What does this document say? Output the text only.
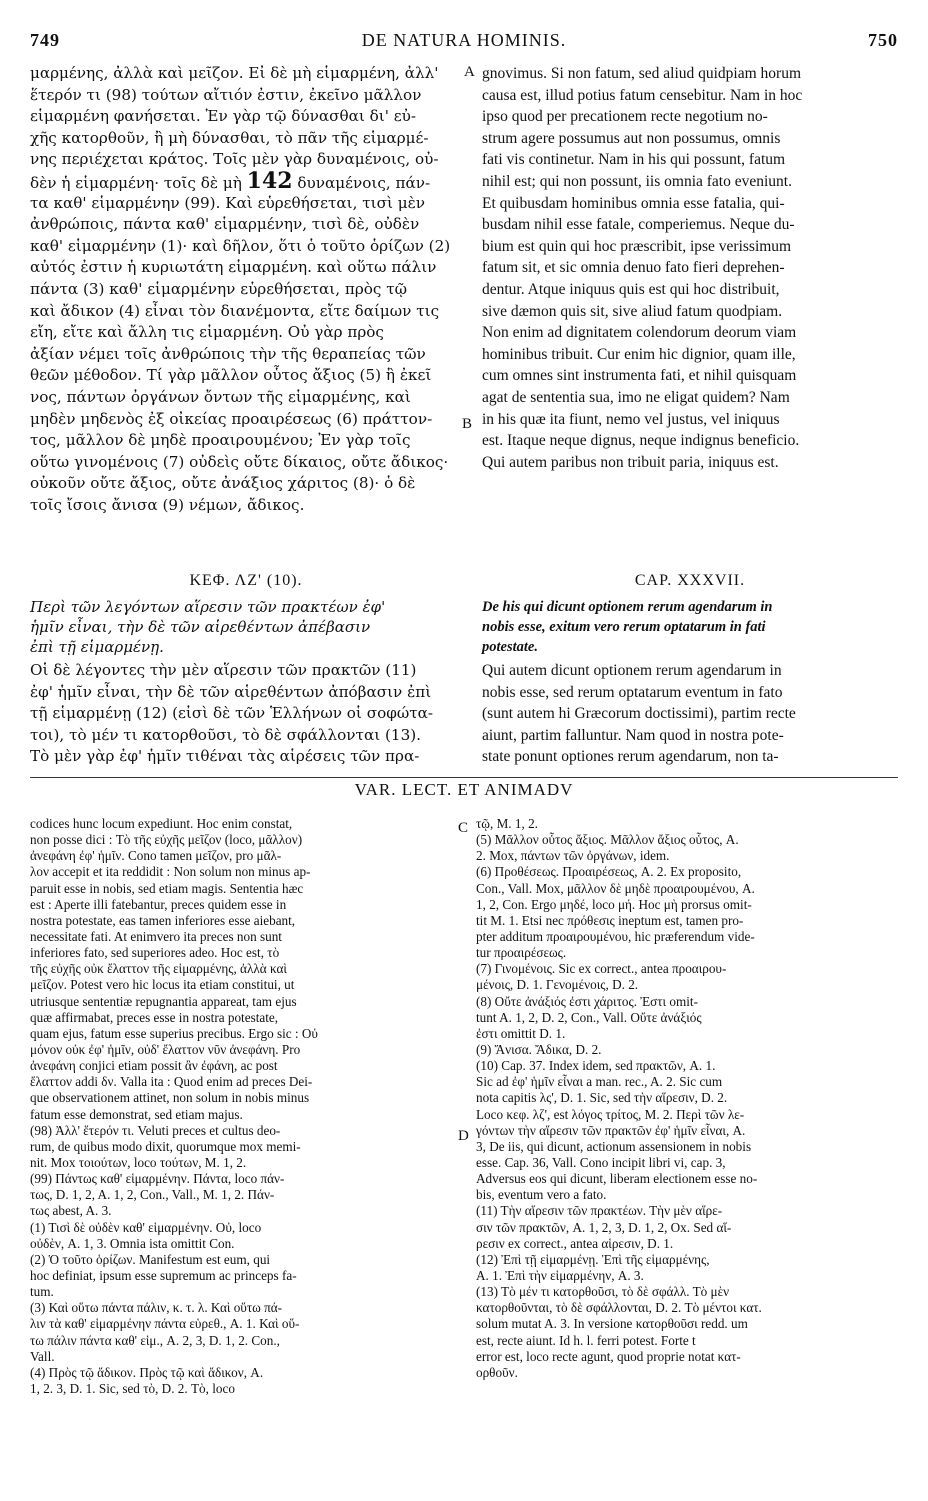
749	DE NATURA HOMINIS.	750
A
B
C
D
μαρμένης, ἀλλὰ καὶ μεῖζον. Εἰ δὲ μὴ εἱμαρμένη, ἀλλ'
ἕτερόν τι (98) τούτων αἴτιόν ἐστιν, ἐκεῖνο μᾶλλον
εἱμαρμένη φανήσεται. Ἐν γὰρ τῷ δύνασθαι δι' εὐ-
χῆς κατορθοῦν, ἢ μὴ δύνασθαι, τὸ πᾶν τῆς εἱμαρμέ-
νης περιέχεται κράτος. Τοῖς μὲν γὰρ δυναμένοις, οὐ-
δὲν ἡ εἱμαρμένη· τοῖς δὲ μὴ 142 δυναμένοις, πάν-
τα καθ' εἱμαρμένην (99). Καὶ εὑρεθήσεται, τισὶ μὲν
ἀνθρώποις, πάντα καθ' εἱμαρμένην, τισὶ δὲ, οὐδὲν
καθ' εἱμαρμένην (1)· καὶ δῆλον, ὅτι ὁ τοῦτο ὁρίζων (2)
αὐτός ἐστιν ἡ κυριωτάτη εἱμαρμένη. καὶ οὕτω πάλιν
πάντα (3) καθ' εἱμαρμένην εὑρεθήσεται, πρὸς τῷ
καὶ ἄδικον (4) εἶναι τὸν διανέμοντα, εἴτε δαίμων τις
εἴη, εἴτε καὶ ἄλλη τις εἱμαρμένη. Οὐ γὰρ πρὸς
ἀξίαν νέμει τοῖς ἀνθρώποις τὴν τῆς θεραπείας τῶν
θεῶν μέθοδον. Τί γὰρ μᾶλλον οὗτος ἄξιος (5) ἢ ἐκεῖ
νος, πάντων ὀργάνων ὄντων τῆς εἱμαρμένης, καὶ
μηδὲν μηδενὸς ἐξ οἰκείας προαιρέσεως (6) πράττον-
τος, μᾶλλον δὲ μηδὲ προαιρουμένου; Ἐν γὰρ τοῖς
οὕτω γινομένοις (7) οὐδεὶς οὔτε δίκαιος, οὔτε ἄδικος·
οὐκοῦν οὔτε ἄξιος, οὔτε ἀνάξιος χάριτος (8)· ὁ δὲ
τοῖς ἴσοις ἄνισα (9) νέμων, ἄδικος.
gnovimus. Si non fatum, sed aliud quidpiam horum
causa est, illud potius fatum censebitur. Nam in hoc
ipso quod per precationem recte negotium no-
strum agere possumus aut non possumus, omnis
fati vis continetur. Nam in his qui possunt, fatum
nihil est; qui non possunt, iis omnia fato eveniunt.
Et quibusdam hominibus omnia esse fatalia, qui-
busdam nihil esse fatale, comperiemus. Neque du-
bium est quin qui hoc præscribit, ipse verissimum
fatum sit, et sic omnia denuo fato fieri deprehen-
dentur. Atque iniquus quis est qui hoc distribuit,
sive dæmon quis sit, sive aliud fatum quodpiam.
Non enim ad dignitatem colendorum deorum viam
hominibus tribuit. Cur enim hic dignior, quam ille,
cum omnes sint instrumenta fati, et nihil quisquam
agat de sententia sua, imo ne eligat quidem? Nam
in his quæ ita fiunt, nemo vel justus, vel iniquus
est. Itaque neque dignus, neque indignus beneficio.
Qui autem paribus non tribuit paria, iniquus est.
ΚΕΦ. ΛΖ' (10).
Περὶ τῶν λεγόντων αἵρεσιν τῶν πρακτέων ἐφ'
ἡμῖν εἶναι, τὴν δὲ τῶν αἱρεθέντων ἀπέβασιν
ἐπὶ τῇ εἱμαρμένῃ.
CAP. XXXVII.
De his qui dicunt optionem rerum agendarum in
nobis esse, exitum vero rerum optatarum in fati
potestate.
Οἱ δὲ λέγοντες τὴν μὲν αἵρεσιν τῶν πρακτῶν (11)
ἐφ' ἡμῖν εἶναι, τὴν δὲ τῶν αἱρεθέντων ἀπόβασιν ἐπὶ
τῇ εἱμαρμένῃ (12) (εἰσὶ δὲ τῶν Ἑλλήνων οἱ σοφώτα-
τοι), τὸ μέν τι κατορθοῦσι, τὸ δὲ σφάλλονται (13).
Τὸ μὲν γὰρ ἐφ' ἡμῖν τιθέναι τὰς αἱρέσεις τῶν πρα-
Qui autem dicunt optionem rerum agendarum in
nobis esse, sed rerum optatarum eventum in fato
(sunt autem hi Græcorum doctissimi), partim recte
aiunt, partim falluntur. Nam quod in nostra pote-
state ponunt optiones rerum agendarum, non ta-
VAR. LECT. ET ANIMADV
codices hunc locum expediunt. Hoc enim constat,
non posse dici : Τὸ τῆς εὐχῆς μεῖζον (loco, μᾶλλον)
ἀνεφάνη ἐφ' ἡμῖν. Cono tamen μεῖζον, pro μᾶλ-
λον accepit et ita reddidit : Non solum non minus ap-
paruit esse in nobis, sed etiam magis. Sententia hæc
est : Aperte illi fatebantur, preces quidem esse in
nostra potestate, eas tamen inferiores esse aiebant,
necessitate fati. At enimvero ita preces non sunt
inferiores fato, sed superiores adeo. Hoc est, τὸ
τῆς εὐχῆς οὐκ ἔλαττον τῆς εἱμαρμένης, ἀλλὰ καὶ
μεῖζον. Potest vero hic locus ita etiam constitui, ut
utriusque sententiæ repugnantia appareat, tam ejus
quæ affirmabat, preces esse in nostra potestate,
quam ejus, fatum esse superius precibus. Ergo sic : Οὐ
μόνον οὐκ ἐφ' ἡμῖν, οὐδ' ἔλαττον νῦν ἀνεφάνη. Pro
ἀνεφάνη conjici etiam possit ἂν ἐφάνη, ac post
ἔλαττον addi δν. Valla ita : Quod enim ad preces Dei-
que observationem attinet, non solum in nobis minus
fatum esse demonstrat, sed etiam majus.
(98) Ἀλλ' ἕτερόν τι. Veluti preces et cultus deo-
rum, de quibus modo dixit, quorumque mox memi-
nit. Mox τοιούτων, loco τούτων, M. 1, 2.
(99) Πάντως καθ' εἱμαρμένην. Πάντα, loco πάν-
τως, D. 1, 2, A. 1, 2, Con., Vall., M. 1, 2. Πάν-
τως abest, A. 3.
(1) Τισὶ δὲ οὐδὲν καθ' εἱμαρμένην. Οὐ, loco
οὐδὲν, A. 1, 3. Omnia ista omittit Con.
(2) Ὁ τοῦτο ὁρίζων. Manifestum est eum, qui
hoc definiat, ipsum esse supremum ac princeps fa-
tum.
(3) Καὶ οὕτω πάντα πάλιν, κ. τ. λ. Καὶ οὕτω πά-
λιν τὰ καθ' εἱμαρμένην πάντα εὑρεθ., A. 1. Καὶ οὕ-
τω πάλιν πάντα καθ' εἱμ., A. 2, 3, D. 1, 2. Con.,
Vall.
(4) Πρὸς τῷ ἄδικον. Πρὸς τῷ καὶ ἄδικον, A.
1, 2. 3, D. 1. Sic, sed τὸ, D. 2. Τὸ, loco
τῷ, M. 1, 2.
(5) Μᾶλλον οὗτος ἄξιος. Μᾶλλον ἄξιος οὗτος, A.
2. Mox, πάντων τῶν ὀργάνων, idem.
(6) Προθέσεως. Προαιρέσεως, A. 2. Ex proposito,
Con., Vall. Mox, μᾶλλον δὲ μηδὲ προαιρουμένου, A.
1, 2, Con. Ergo μηδέ, loco μή. Hoc μὴ prorsus omit-
tit M. 1. Etsi nec πρόθεσις ineptum est, tamen pro-
pter additum προαιρουμένου, hic præferendum vide-
tur προαιρέσεως.
(7) Γινομένοις. Sic ex correct., antea προαιρου-
μένοις, D. 1. Γενομένοις, D. 2.
(8) Οὔτε ἀνάξιός ἐστι χάριτος. Ἐστι omit-
tunt A. 1, 2, D. 2, Con., Vall. Οὔτε ἀνάξιός
ἐστι omittit D. 1.
(9) Ἄνισα. Ἄδικα, D. 2.
(10) Cap. 37. Index idem, sed πρακτῶν, A. 1.
Sic ad ἐφ' ἡμῖν εἶναι a man. rec., A. 2. Sic cum
nota capitis λς', D. 1. Sic, sed τὴν αἵρεσιν, D. 2.
Loco κεφ. λζ', est λόγος τρίτος, M. 2. Περὶ τῶν λε-
γόντων τὴν αἵρεσιν τῶν πρακτῶν ἐφ' ἡμῖν εἶναι, A.
3, De iis, qui dicunt, actionum assensionem in nobis
esse. Cap. 36, Vall. Cono incipit libri vi, cap. 3,
Adversus eos qui dicunt, liberam electionem esse no-
bis, eventum vero a fato.
(11) Τὴν αἵρεσιν τῶν πρακτέων. Τὴν μὲν αἵρε-
σιν τῶν πρακτῶν, A. 1, 2, 3, D. 1, 2, Ox. Sed αἵ-
ρεσιν ex correct., antea αἱρεσιν, D. 1.
(12) Ἐπὶ τῇ εἱμαρμένῃ. Ἐπὶ τῆς εἱμαρμένης,
A. 1. Ἐπὶ τὴν εἱμαρμένην, A. 3.
(13) Τὸ μέν τι κατορθοῦσι, τὸ δὲ σφάλλ. Τὸ μὲν
κατορθοῦνται, τὸ δὲ σφάλλονται, D. 2. Τὸ μέντοι κατ.
solum mutat A. 3. In versione κατορθοῦσι redd. um
est, recte aiunt. Id h. l. ferri potest. Forte t
error est, loco recte agunt, quod proprie notat κατ-
ορθοῦν.
